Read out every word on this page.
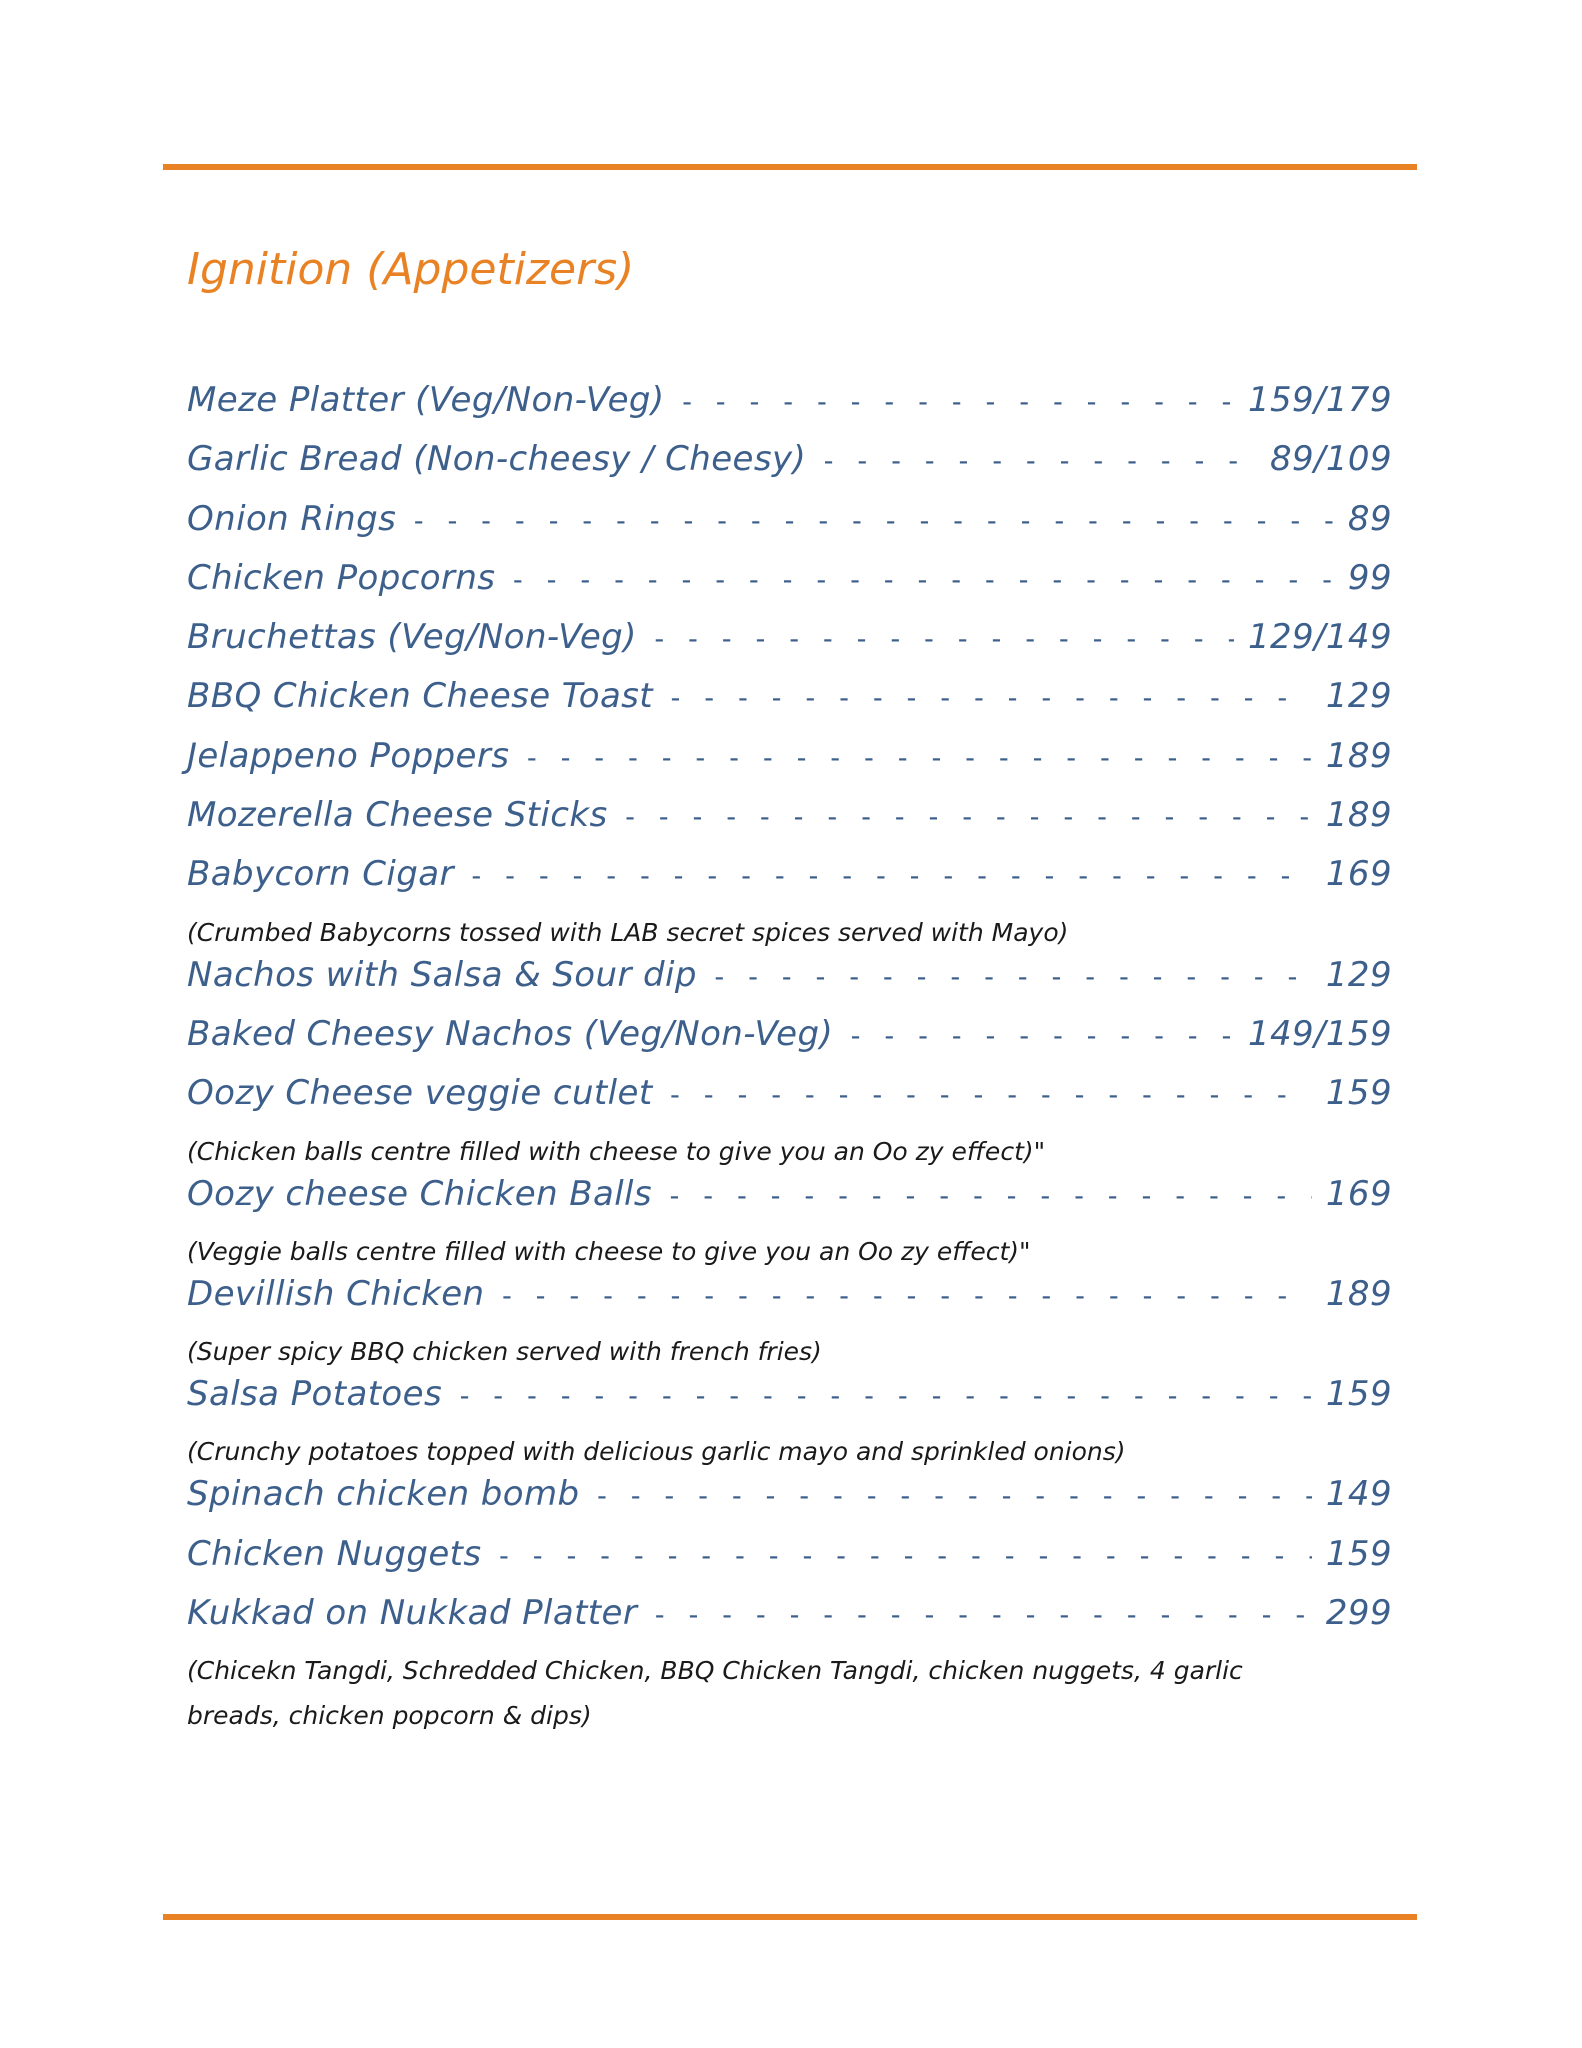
Ignition (Appetizers)
Meze Platter (Veg/Non-Veg) - - -	159/179
Garlic Bread (Non-cheesy / Cheesy) - - -	89/109
Onion Rings - - -	89
Chicken Popcorns - - -	99
Bruchettas (Veg/Non-Veg) - - -	129/149
BBQ Chicken Cheese Toast - - -	129
Jelappeno Poppers - - -	189
Mozerella Cheese Sticks - - -	189
Babycorn Cigar - - -	169
(Crumbed Babycorns tossed with LAB secret spices served with Mayo)
Nachos with Salsa & Sour dip - - -	129
Baked Cheesy Nachos (Veg/Non-Veg) - - -	149/159
Oozy Cheese veggie cutlet - - -	159
(Chicken balls centre filled with cheese to give you an Oo zy effect)"
Oozy cheese Chicken Balls - - -	169
(Veggie balls centre filled with cheese to give you an Oo zy effect)"
Devillish Chicken - - -	189
(Super spicy BBQ chicken served with french fries)
Salsa Potatoes - - -	159
(Crunchy potatoes topped with delicious garlic mayo and sprinkled onions)
Spinach chicken bomb - - -	149
Chicken Nuggets - - -	159
Kukkad on Nukkad Platter - - -	299
(Chicekn Tangdi, Schredded Chicken, BBQ Chicken Tangdi, chicken nuggets, 4 garlic breads, chicken popcorn & dips)
